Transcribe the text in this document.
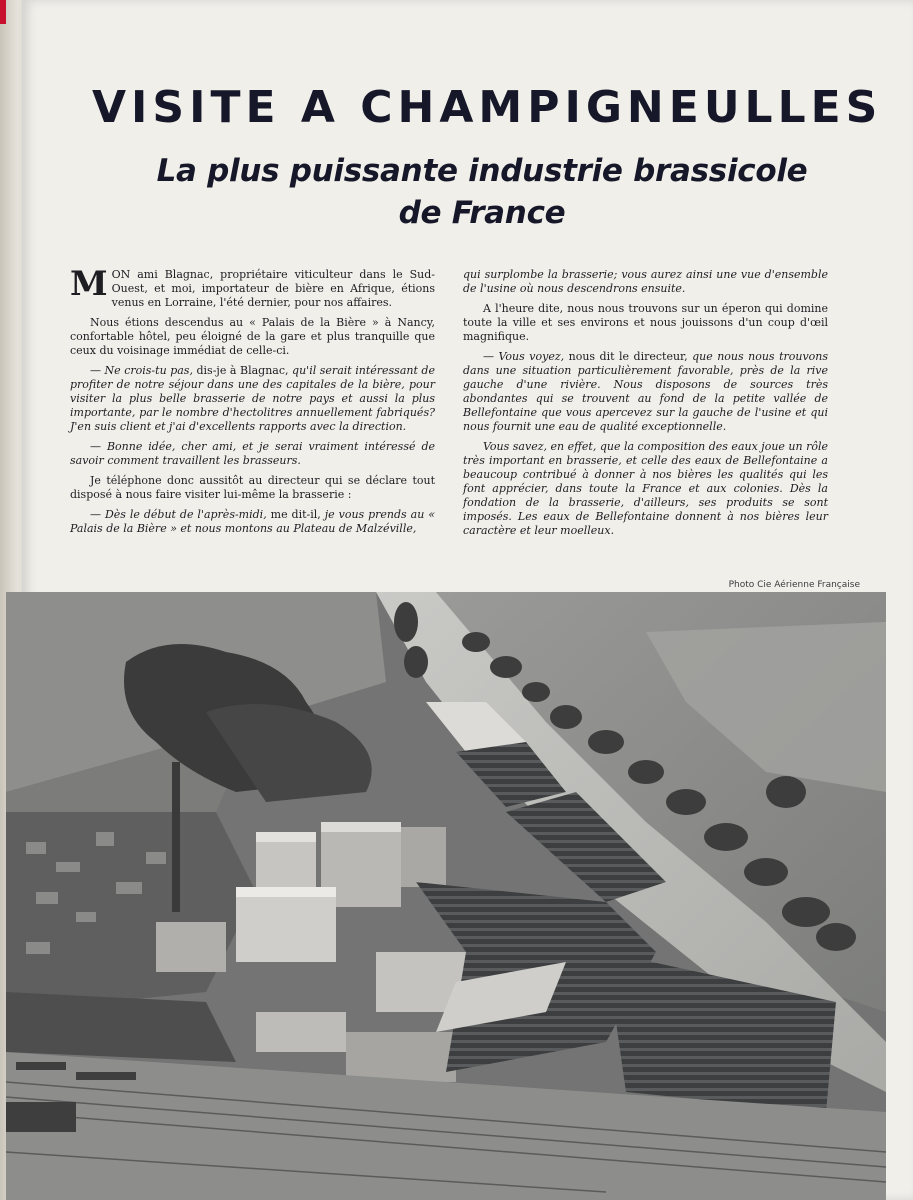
VISITE A CHAMPIGNEULLES
La plus puissante industrie brassicole
de France

MON ami Blagnac, propriétaire viticulteur dans le Sud-Ouest, et moi, importateur de bière en Afrique, étions venus en Lorraine, l'été dernier, pour nos affaires.

Nous étions descendus au « Palais de la Bière » à Nancy, confortable hôtel, peu éloigné de la gare et plus tranquille que ceux du voisinage immédiat de celle-ci.

— Ne crois-tu pas, dis-je à Blagnac, qu'il serait intéressant de profiter de notre séjour dans une des capitales de la bière, pour visiter la plus belle brasserie de notre pays et aussi la plus importante, par le nombre d'hectolitres annuellement fabriqués? J'en suis client et j'ai d'excellents rapports avec la direction.

— Bonne idée, cher ami, et je serai vraiment intéressé de savoir comment travaillent les brasseurs.

Je téléphone donc aussitôt au directeur qui se déclare tout disposé à nous faire visiter lui-même la brasserie :

— Dès le début de l'après-midi, me dit-il, je vous prends au « Palais de la Bière » et nous montons au Plateau de Malzéville,

qui surplombe la brasserie; vous aurez ainsi une vue d'ensemble de l'usine où nous descendrons ensuite.

A l'heure dite, nous nous trouvons sur un éperon qui domine toute la ville et ses environs et nous jouissons d'un coup d'œil magnifique.

— Vous voyez, nous dit le directeur, que nous nous trouvons dans une situation particulièrement favorable, près de la rive gauche d'une rivière. Nous disposons de sources très abondantes qui se trouvent au fond de la petite vallée de Bellefontaine que vous apercevez sur la gauche de l'usine et qui nous fournit une eau de qualité exceptionnelle.

Vous savez, en effet, que la composition des eaux joue un rôle très important en brasserie, et celle des eaux de Bellefontaine a beaucoup contribué à donner à nos bières les qualités qui les font apprécier, dans toute la France et aux colonies. Dès la fondation de la brasserie, d'ailleurs, ses produits se sont imposés. Les eaux de Bellefontaine donnent à nos bières leur caractère et leur moelleux.

Photo Cie Aérienne Française
